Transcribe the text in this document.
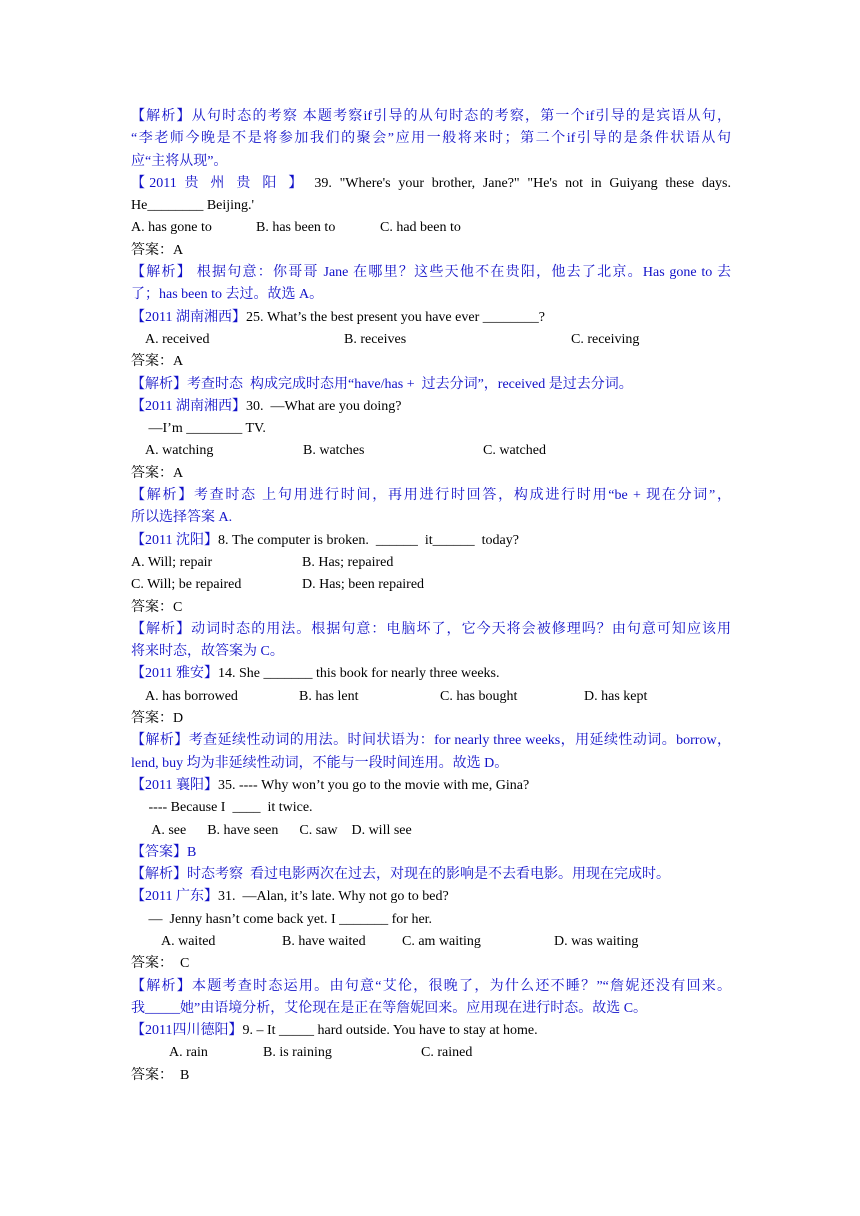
【解析】从句时态的考察 本题考察if引导的从句时态的考察，第一个if引导的是宾语从句，
“李老师今晚是不是将参加我们的聚会”应用一般将来时；第二个if引导的是条件状语从句
应“主将从现”。
【2011 贵 州 贵 阳 】 39. "Where's your brother, Jane?" "He's not in Guiyang these days.
He________ Beijing.'
A. has gone to	B. has been to	C. had been to
答案：A
【解析】 根据句意：你哥哥 Jane 在哪里？这些天他不在贵阳，他去了北京。Has gone to 去
了；has been to 去过。故选 A。
【2011 湖南湘西】25. What’s the best present you have ever ________?
A. received	B. receives	C. receiving
答案：A
【解析】考查时态  构成完成时态用“have/has +  过去分词”，received 是过去分词。
【2011 湖南湘西】30.  —What are you doing?
—I’m ________ TV.
A. watching	B. watches	C. watched
答案：A
【解析】考查时态 上句用进行时间，再用进行时回答，构成进行时用“be + 现在分词”，
所以选择答案 A.
【2011 沈阳】8. The computer is broken.  ______  it______  today?
A. Will; repair	B. Has; repaired
C. Will; be repaired	D. Has; been repaired
答案：C
【解析】动词时态的用法。根据句意：电脑坏了，它今天将会被修理吗？由句意可知应该用
将来时态，故答案为 C。
【2011 雅安】14. She _______ this book for nearly three weeks.
A. has borrowed	B. has lent	C. has bought	D. has kept
答案：D
【解析】考查延续性动词的用法。时间状语为：for nearly three weeks，用延续性动词。borrow，
lend, buy 均为非延续性动词，不能与一段时间连用。故选 D。
【2011 襄阳】35. ---- Why won’t you go to the movie with me, Gina?
---- Because I  ____  it twice.
A. see      B. have seen      C. saw    D. will see
【答案】B
【解析】时态考察  看过电影两次在过去，对现在的影响是不去看电影。用现在完成时。
【2011 广东】31.  —Alan, it’s late. Why not go to bed?
—  Jenny hasn’t come back yet. I _______ for her.
A. waited	B. have waited	C. am waiting	D. was waiting
答案：  C
【解析】本题考查时态运用。由句意“艾伦，很晚了，为什么还不睡？”“詹妮还没有回来。
我_____她”由语境分析，艾伦现在是正在等詹妮回来。应用现在进行时态。故选 C。
【2011四川德阳】9. – It _____ hard outside. You have to stay at home.
A. rain	B. is raining	C. rained
答案：  B
